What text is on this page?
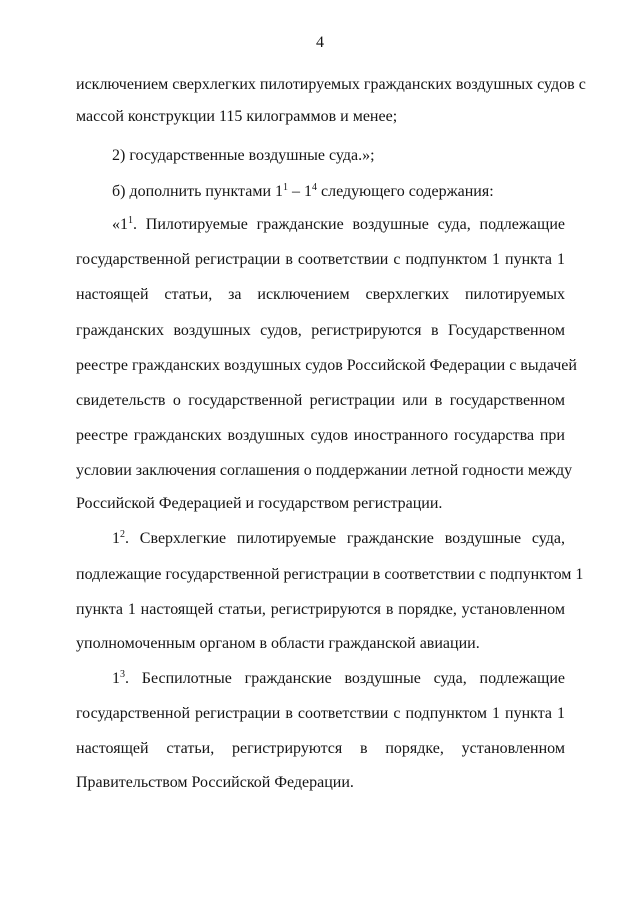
4
исключением сверхлегких пилотируемых гражданских воздушных судов с
массой конструкции 115 килограммов и менее;
2) государственные воздушные суда.»;
б) дополнить пунктами $1^1 - 1^4$ следующего содержания:
«$1^1$. Пилотируемые гражданские воздушные суда, подлежащие
государственной регистрации в соответствии с подпунктом 1 пункта 1
настоящей статьи, за исключением сверхлегких пилотируемых
гражданских воздушных судов, регистрируются в Государственном
реестре гражданских воздушных судов Российской Федерации с выдачей
свидетельств о государственной регистрации или в государственном
реестре гражданских воздушных судов иностранного государства при
условии заключения соглашения о поддержании летной годности между
Российской Федерацией и государством регистрации.
$1^2$. Сверхлегкие пилотируемые гражданские воздушные суда,
подлежащие государственной регистрации в соответствии с подпунктом 1
пункта 1 настоящей статьи, регистрируются в порядке, установленном
уполномоченным органом в области гражданской авиации.
$1^3$. Беспилотные гражданские воздушные суда, подлежащие
государственной регистрации в соответствии с подпунктом 1 пункта 1
настоящей статьи, регистрируются в порядке, установленном
Правительством Российской Федерации.
